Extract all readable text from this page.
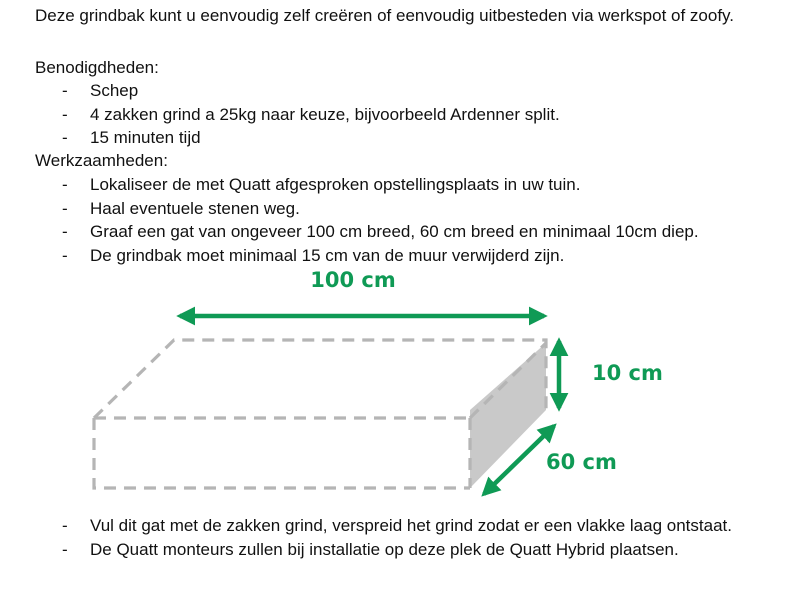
Deze grindbak kunt u eenvoudig zelf creëren of eenvoudig uitbesteden via werkspot of zoofy.
Benodigdheden:
- Schep
- 4 zakken grind a 25kg naar keuze, bijvoorbeeld Ardenner split.
- 15 minuten tijd
Werkzaamheden:
- Lokaliseer de met Quatt afgesproken opstellingsplaats in uw tuin.
- Haal eventuele stenen weg.
- Graaf een gat van ongeveer 100 cm breed, 60 cm breed en minimaal 10cm diep.
- De grindbak moet minimaal 15 cm van de muur verwijderd zijn.
100 cm
10 cm
60 cm
- Vul dit gat met de zakken grind, verspreid het grind zodat er een vlakke laag ontstaat.
- De Quatt monteurs zullen bij installatie op deze plek de Quatt Hybrid plaatsen.
